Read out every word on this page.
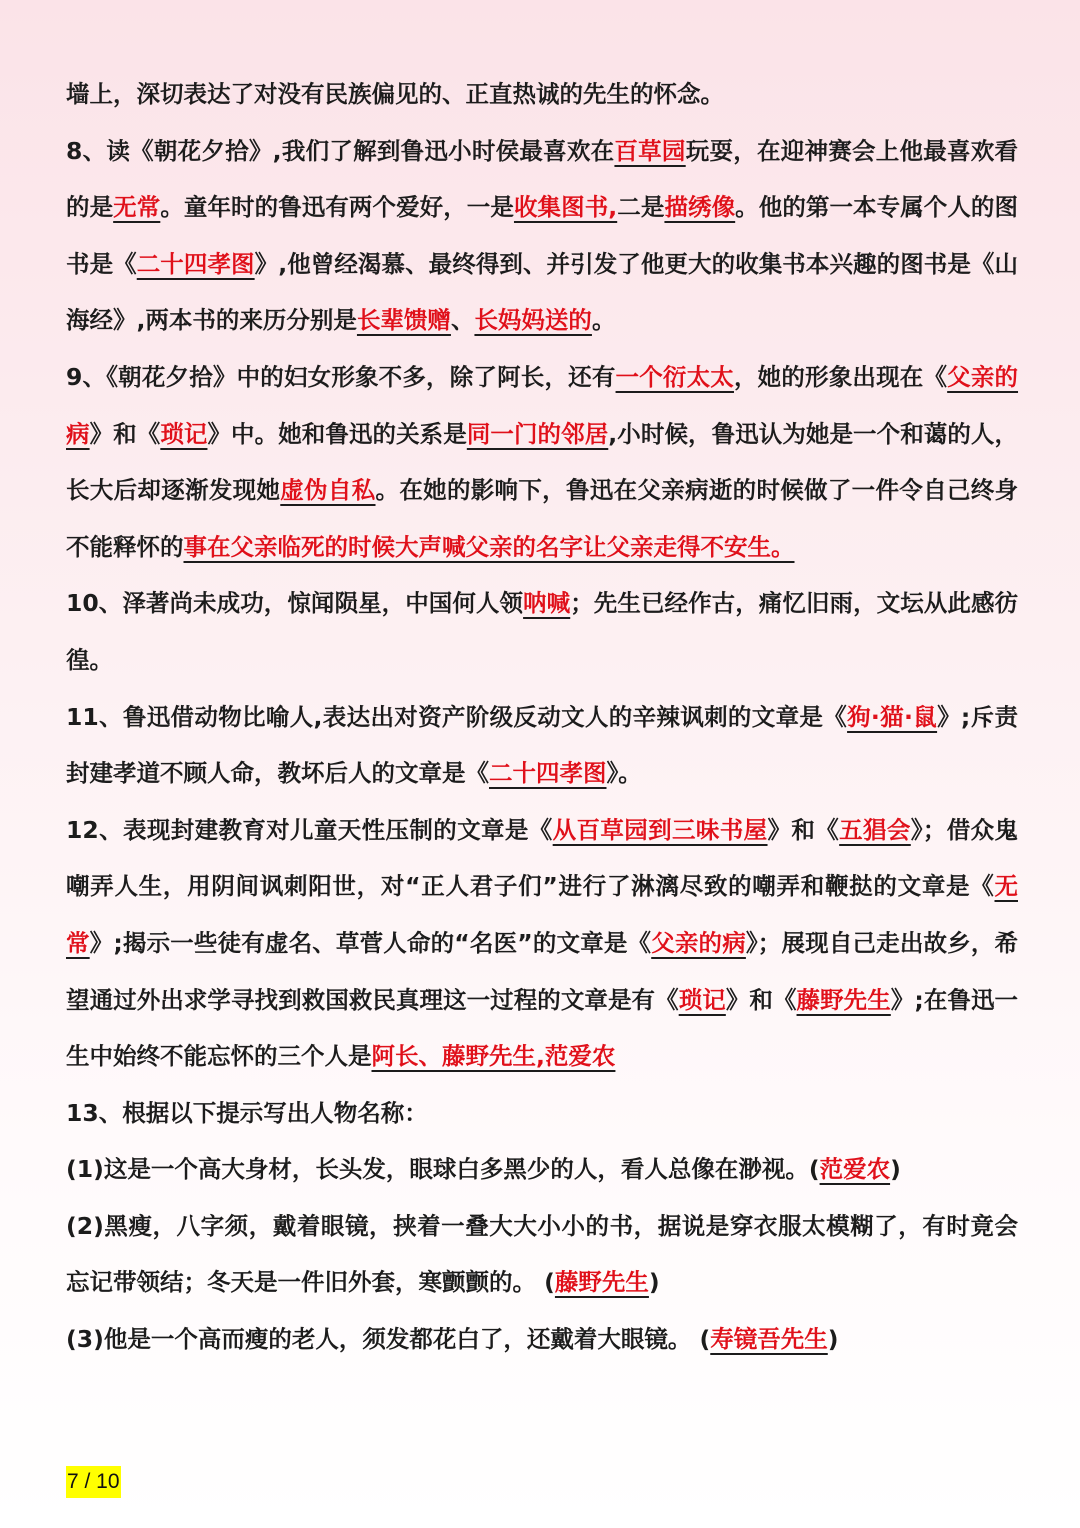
墙上，深切表达了对没有民族偏见的、正直热诚的先生的怀念。

8、读《朝花夕拾》,我们了解到鲁迅小时侯最喜欢在百草园玩耍，在迎神赛会上他最喜欢看的是无常。童年时的鲁迅有两个爱好，一是收集图书,二是描绣像。他的第一本专属个人的图书是《二十四孝图》,他曾经渴慕、最终得到、并引发了他更大的收集书本兴趣的图书是《山海经》,两本书的来历分别是长辈馈赠、长妈妈送的。

9、《朝花夕拾》中的妇女形象不多，除了阿长，还有一个衍太太，她的形象出现在《父亲的病》和《琐记》中。她和鲁迅的关系是同一门的邻居,小时候，鲁迅认为她是一个和蔼的人，长大后却逐渐发现她虚伪自私。在她的影响下，鲁迅在父亲病逝的时候做了一件令自己终身不能释怀的事在父亲临死的时候大声喊父亲的名字让父亲走得不安生。

10、泽著尚未成功，惊闻陨星，中国何人领呐喊；先生已经作古，痛忆旧雨，文坛从此感彷徨。

11、鲁迅借动物比喻人,表达出对资产阶级反动文人的辛辣讽刺的文章是《狗·猫·鼠》;斥责封建孝道不顾人命，教坏后人的文章是《二十四孝图》。

12、表现封建教育对儿童天性压制的文章是《从百草园到三味书屋》和《五猖会》；借众鬼嘲弄人生，用阴间讽刺阳世，对“正人君子们”进行了淋漓尽致的嘲弄和鞭挞的文章是《无常》;揭示一些徒有虚名、草菅人命的“名医”的文章是《父亲的病》；展现自己走出故乡，希望通过外出求学寻找到救国救民真理这一过程的文章是有《琐记》和《藤野先生》;在鲁迅一生中始终不能忘怀的三个人是阿长、藤野先生,范爱农

13、根据以下提示写出人物名称：

(1)这是一个高大身材，长头发，眼球白多黑少的人，看人总像在渺视。(范爱农)

(2)黑瘦，八字须，戴着眼镜，挟着一叠大大小小的书，据说是穿衣服太模糊了，有时竟会忘记带领结；冬天是一件旧外套，寒颤颤的。 (藤野先生)

(3)他是一个高而瘦的老人，须发都花白了，还戴着大眼镜。 (寿镜吾先生)

7 / 10
